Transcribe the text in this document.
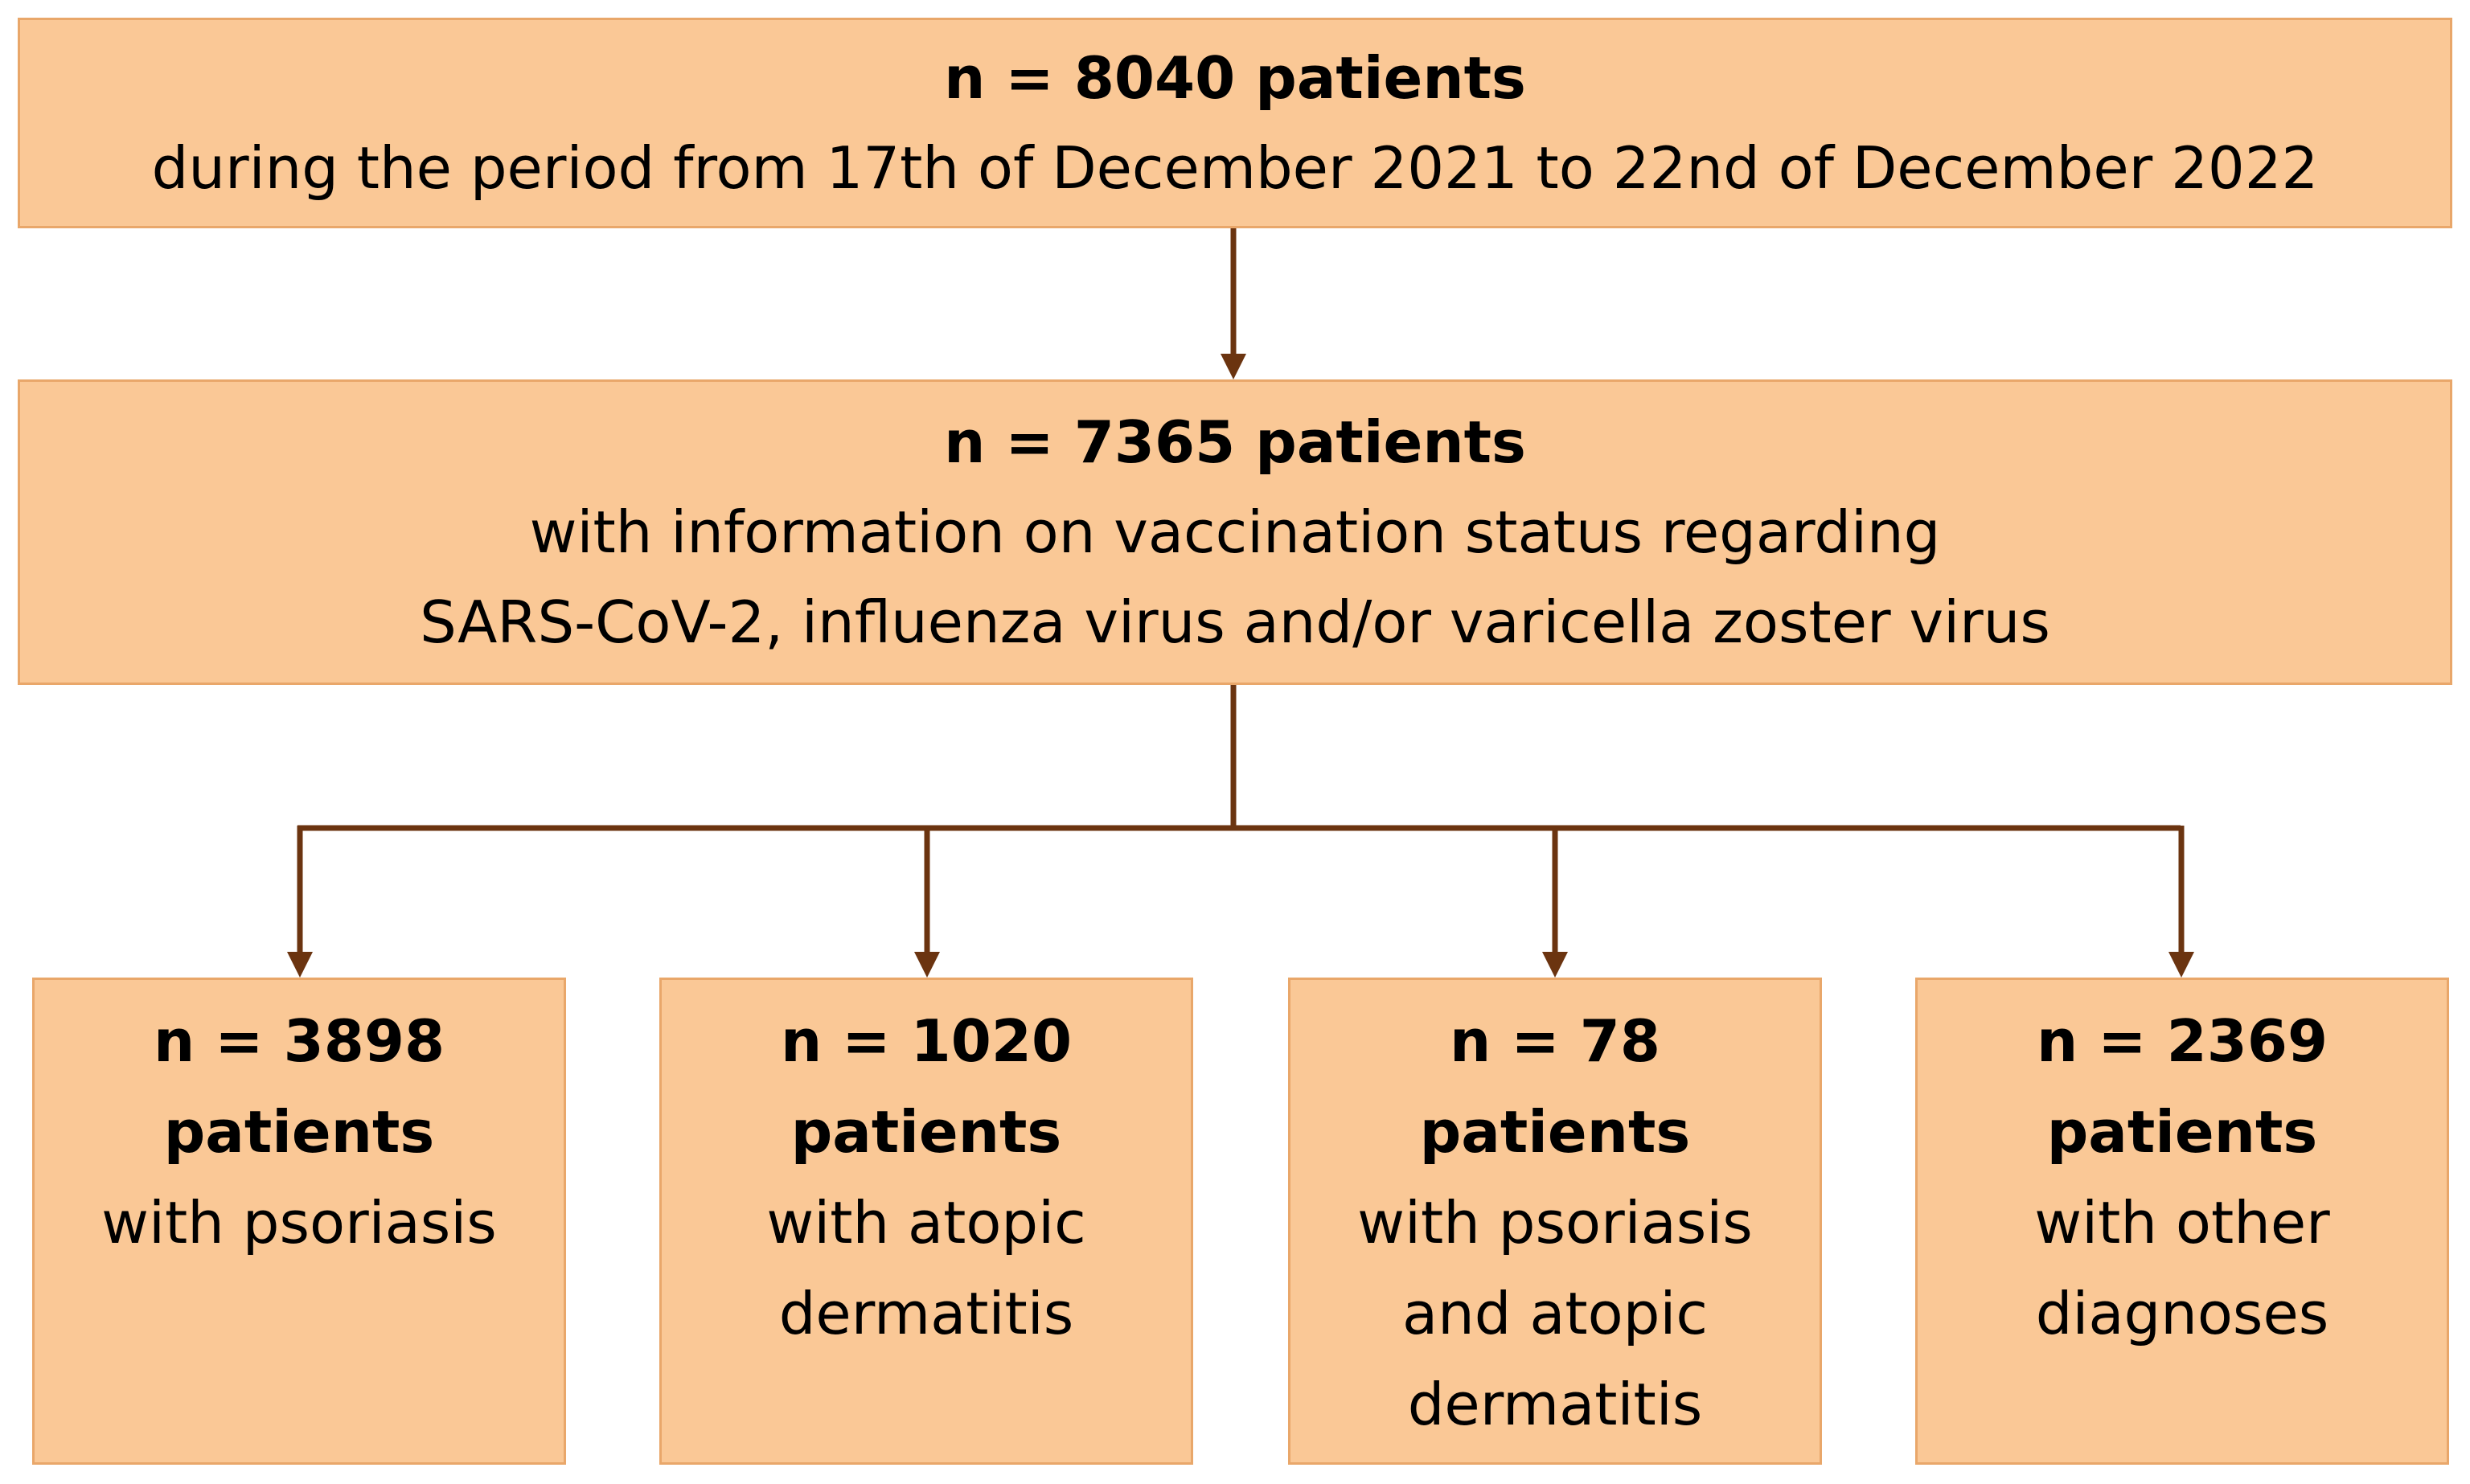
n = 8040 patients
during the period from 17th of December 2021 to 22nd of December 2022
n = 7365 patients
with information on vaccination status regarding
SARS-CoV-2, influenza virus and/or varicella zoster virus
n = 3898
patients
with psoriasis
n = 1020
patients
with atopic
dermatitis
n = 78
patients
with psoriasis
and atopic
dermatitis
n = 2369
patients
with other
diagnoses
